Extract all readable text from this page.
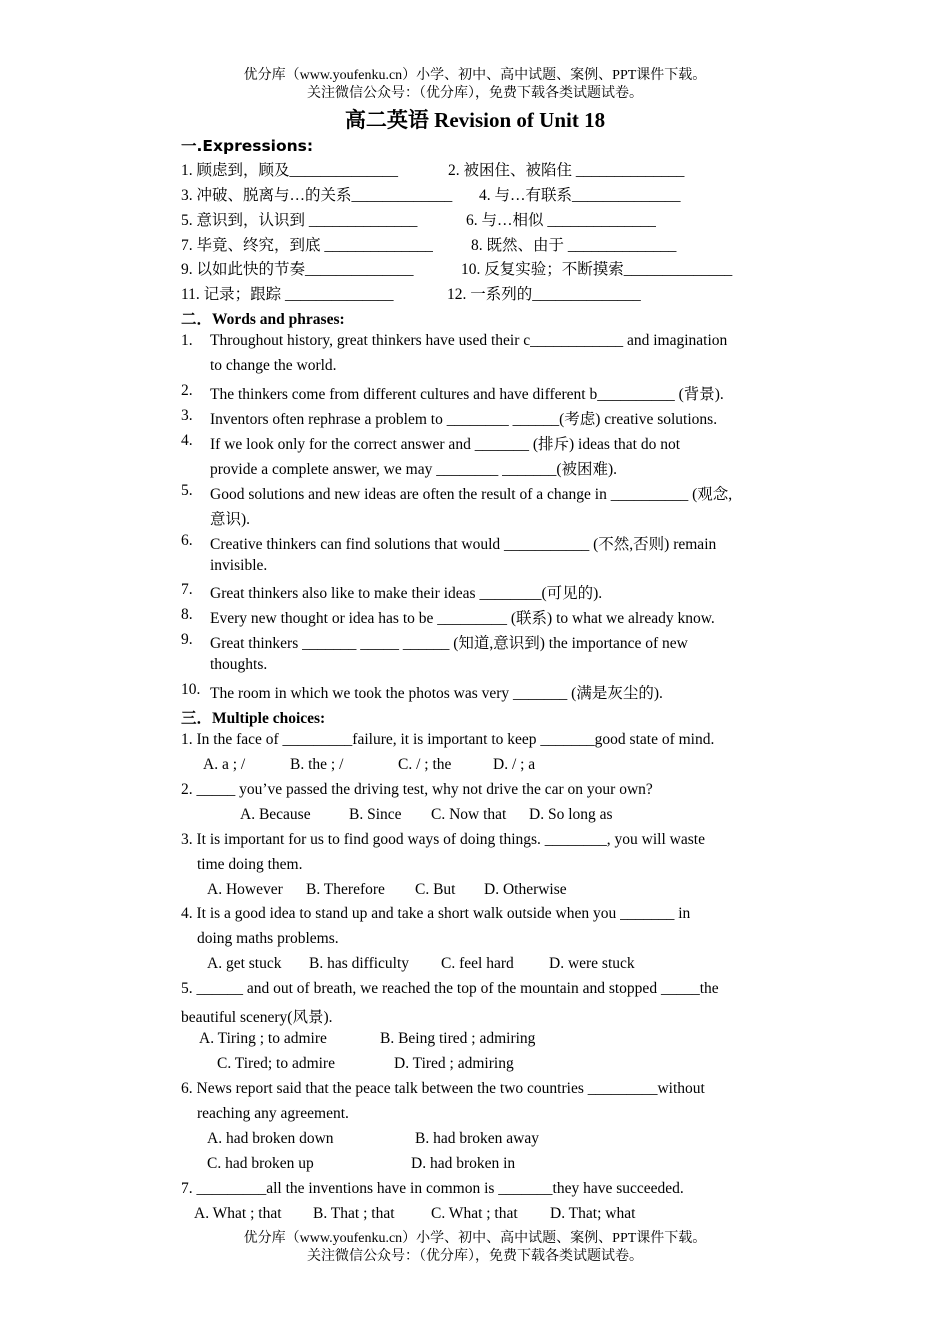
优分库（www.youfenku.cn）小学、初中、高中试题、案例、PPT课件下载。
关注微信公众号：（优分库），免费下载各类试题试卷。
高二英语 Revision of Unit 18
一.Expressions:
1. 顾虑到，顾及______________	2. 被困住、被陷住 ______________
3. 冲破、脱离与…的关系_____________ 4. 与…有联系______________
5. 意识到，认识到 ______________	6. 与…相似 ______________
7. 毕竟、终究，到底 ______________ 8. 既然、由于 ______________
9. 以如此快的节奏______________	10. 反复实验；不断摸索______________
11. 记录；跟踪 ______________	12. 一系列的______________
二．Words and phrases:
1. Throughout history, great thinkers have used their c____________ and imagination
to change the world.
2. The thinkers come from different cultures and have different b__________ (背景).
3. Inventors often rephrase a problem to ________ ______(考虑) creative solutions.
4. If we look only for the correct answer and _______ (排斥) ideas that do not
provide a complete answer, we may ________ _______(被困难).
5. Good solutions and new ideas are often the result of a change in __________ (观念,
意识).
6. Creative thinkers can find solutions that would ___________ (不然,否则) remain
invisible.
7. Great thinkers also like to make their ideas ________(可见的).
8. Every new thought or idea has to be _________ (联系) to what we already know.
9. Great thinkers _______ _____ ______ (知道,意识到) the importance of new
thoughts.
10. The room in which we took the photos was very _______ (满是灰尘的).
三．Multiple choices:
1. In the face of _________failure, it is important to keep _______good state of mind.
A. a ; /	B. the ; /	C. / ; the	D. / ; a
2. _____ you’ve passed the driving test, why not drive the car on your own?
A. Because B. Since C. Now that D. So long as
3. It is important for us to find good ways of doing things. ________, you will waste
time doing them.
A. However B. Therefore C. But D. Otherwise
4. It is a good idea to stand up and take a short walk outside when you _______ in
doing maths problems.
A. get stuck B. has difficulty C. feel hard D. were stuck
5. ______ and out of breath, we reached the top of the mountain and stopped _____the
beautiful scenery(风景).
A. Tiring ; to admire	B. Being tired ; admiring
C. Tired; to admire	D. Tired ; admiring
6. News report said that the peace talk between the two countries _________without
reaching any agreement.
A. had broken down	B. had broken away
C. had broken up	D. had broken in
7. _________all the inventions have in common is _______they have succeeded.
A. What ; that B. That ; that C. What ; that D. That; what
优分库（www.youfenku.cn）小学、初中、高中试题、案例、PPT课件下载。
关注微信公众号：（优分库），免费下载各类试题试卷。
